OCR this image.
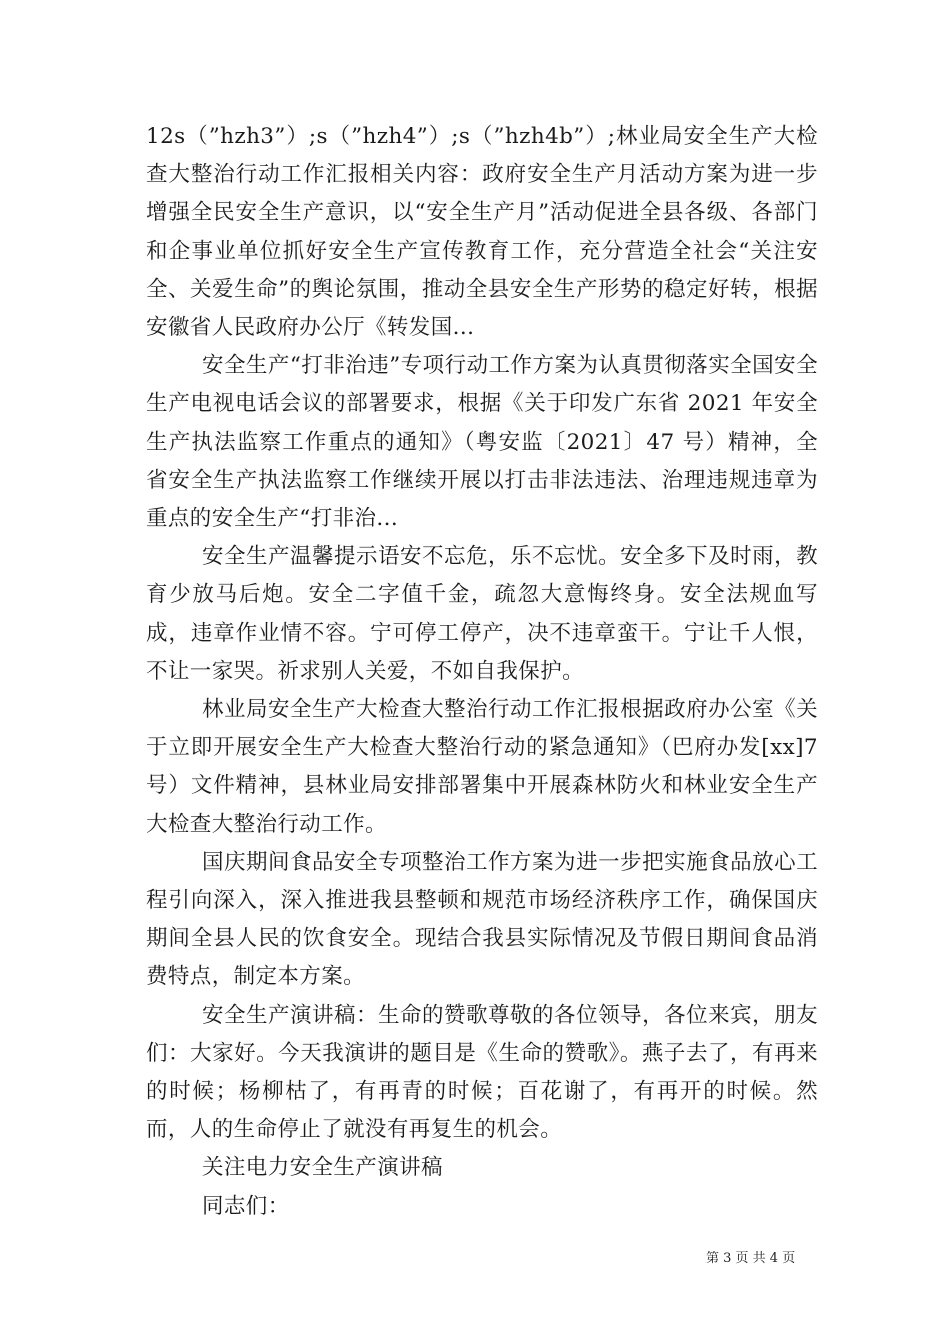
12s（”hzh3”）;s（”hzh4”）;s（”hzh4b”）;林业局安全生产大检查大整治行动工作汇报相关内容：政府安全生产月活动方案为进一步增强全民安全生产意识，以“安全生产月”活动促进全县各级、各部门和企事业单位抓好安全生产宣传教育工作，充分营造全社会“关注安全、关爱生命”的舆论氛围，推动全县安全生产形势的稳定好转，根据安徽省人民政府办公厅《转发国...

安全生产“打非治违”专项行动工作方案为认真贯彻落实全国安全生产电视电话会议的部署要求，根据《关于印发广东省 2021 年安全生产执法监察工作重点的通知》（粤安监〔2021〕47 号）精神，全省安全生产执法监察工作继续开展以打击非法违法、治理违规违章为重点的安全生产“打非治...

安全生产温馨提示语安不忘危，乐不忘忧。安全多下及时雨，教育少放马后炮。安全二字值千金，疏忽大意悔终身。安全法规血写成，违章作业情不容。宁可停工停产，决不违章蛮干。宁让千人恨，不让一家哭。祈求别人关爱，不如自我保护。

林业局安全生产大检查大整治行动工作汇报根据政府办公室《关于立即开展安全生产大检查大整治行动的紧急通知》（巴府办发[xx]7 号）文件精神，县林业局安排部署集中开展森林防火和林业安全生产大检查大整治行动工作。

国庆期间食品安全专项整治工作方案为进一步把实施食品放心工程引向深入，深入推进我县整顿和规范市场经济秩序工作，确保国庆期间全县人民的饮食安全。现结合我县实际情况及节假日期间食品消费特点，制定本方案。

安全生产演讲稿：生命的赞歌尊敬的各位领导，各位来宾，朋友们：大家好。今天我演讲的题目是《生命的赞歌》。燕子去了，有再来的时候；杨柳枯了，有再青的时候；百花谢了，有再开的时候。然而，人的生命停止了就没有再复生的机会。

关注电力安全生产演讲稿

同志们：

第 3 页 共 4 页
